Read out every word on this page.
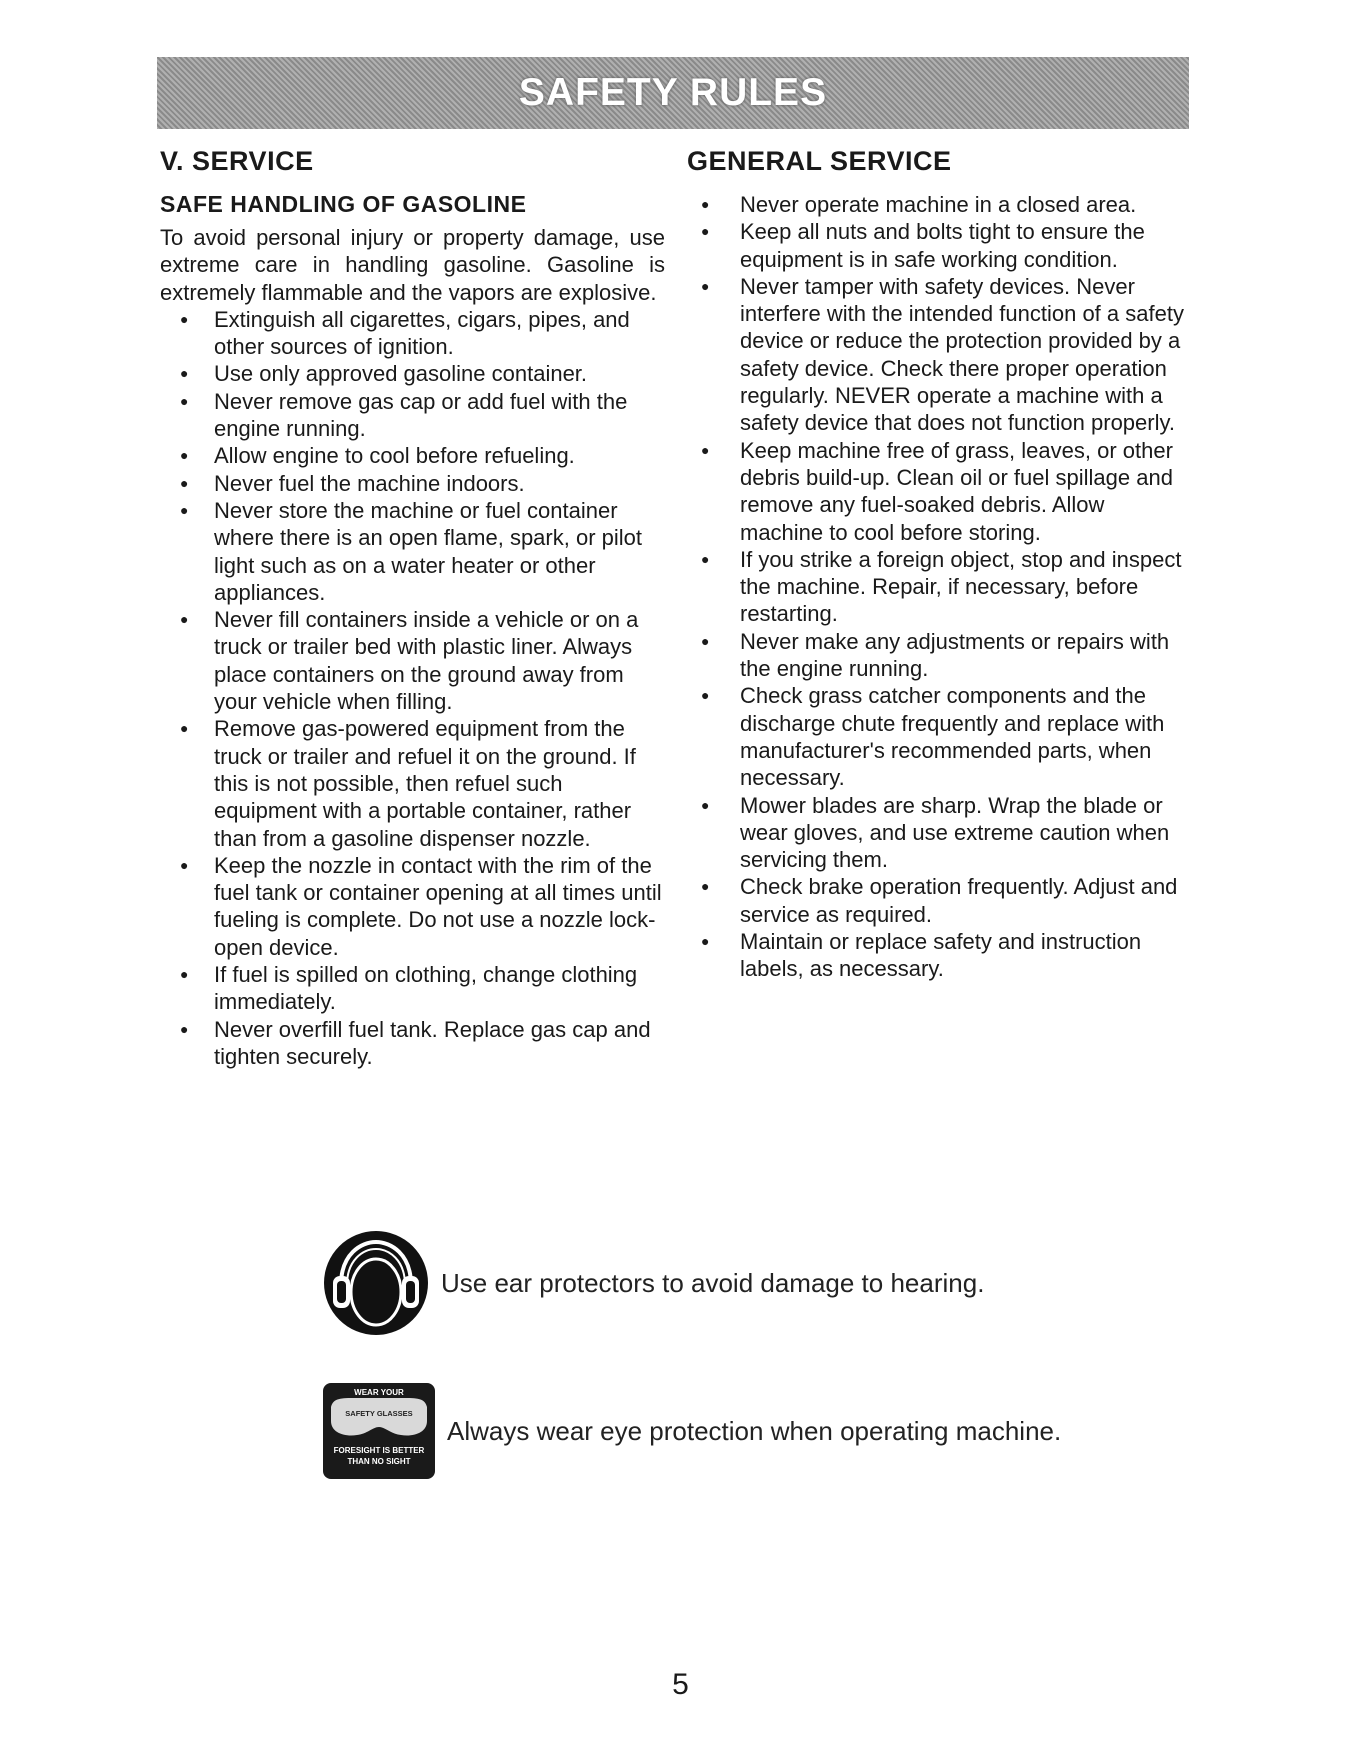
SAFETY RULES
V. SERVICE
SAFE HANDLING OF GASOLINE

To avoid personal injury or property damage, use extreme care in handling gasoline. Gasoline is extremely flammable and the vapors are explosive.

● Extinguish all cigarettes, cigars, pipes, and other sources of ignition.
● Use only approved gasoline container.
● Never remove gas cap or add fuel with the engine running.
● Allow engine to cool before refueling.
● Never fuel the machine indoors.
● Never store the machine or fuel container where there is an open flame, spark, or pilot light such as on a water heater or other appliances.
● Never fill containers inside a vehicle or on a truck or trailer bed with plastic liner. Always place containers on the ground away from your vehicle when filling.
● Remove gas-powered equipment from the truck or trailer and refuel it on the ground. If this is not possible, then refuel such equipment with a portable container, rather than from a gasoline dispenser nozzle.
● Keep the nozzle in contact with the rim of the fuel tank or container opening at all times until fueling is complete. Do not use a nozzle lock-open device.
● If fuel is spilled on clothing, change clothing immediately.
● Never overfill fuel tank. Replace gas cap and tighten securely.
GENERAL SERVICE
● Never operate machine in a closed area.
● Keep all nuts and bolts tight to ensure the equipment is in safe working condition.
● Never tamper with safety devices. Never interfere with the intended function of a safety device or reduce the protection provided by a safety device. Check there proper operation regularly. NEVER operate a machine with a safety device that does not function properly.
● Keep machine free of grass, leaves, or other debris build-up. Clean oil or fuel spillage and remove any fuel-soaked debris. Allow machine to cool before storing.
● If you strike a foreign object, stop and inspect the machine. Repair, if necessary, before restarting.
● Never make any adjustments or repairs with the engine running.
● Check grass catcher components and the discharge chute frequently and replace with manufacturer's recommended parts, when necessary.
● Mower blades are sharp. Wrap the blade or wear gloves, and use extreme caution when servicing them.
● Check brake operation frequently. Adjust and service as required.
● Maintain or replace safety and instruction labels, as necessary.
Use ear protectors to avoid damage to hearing.
WEAR YOUR
SAFETY GLASSES
FORESIGHT IS BETTER
THAN NO SIGHT
Always wear eye protection when operating machine.
5
